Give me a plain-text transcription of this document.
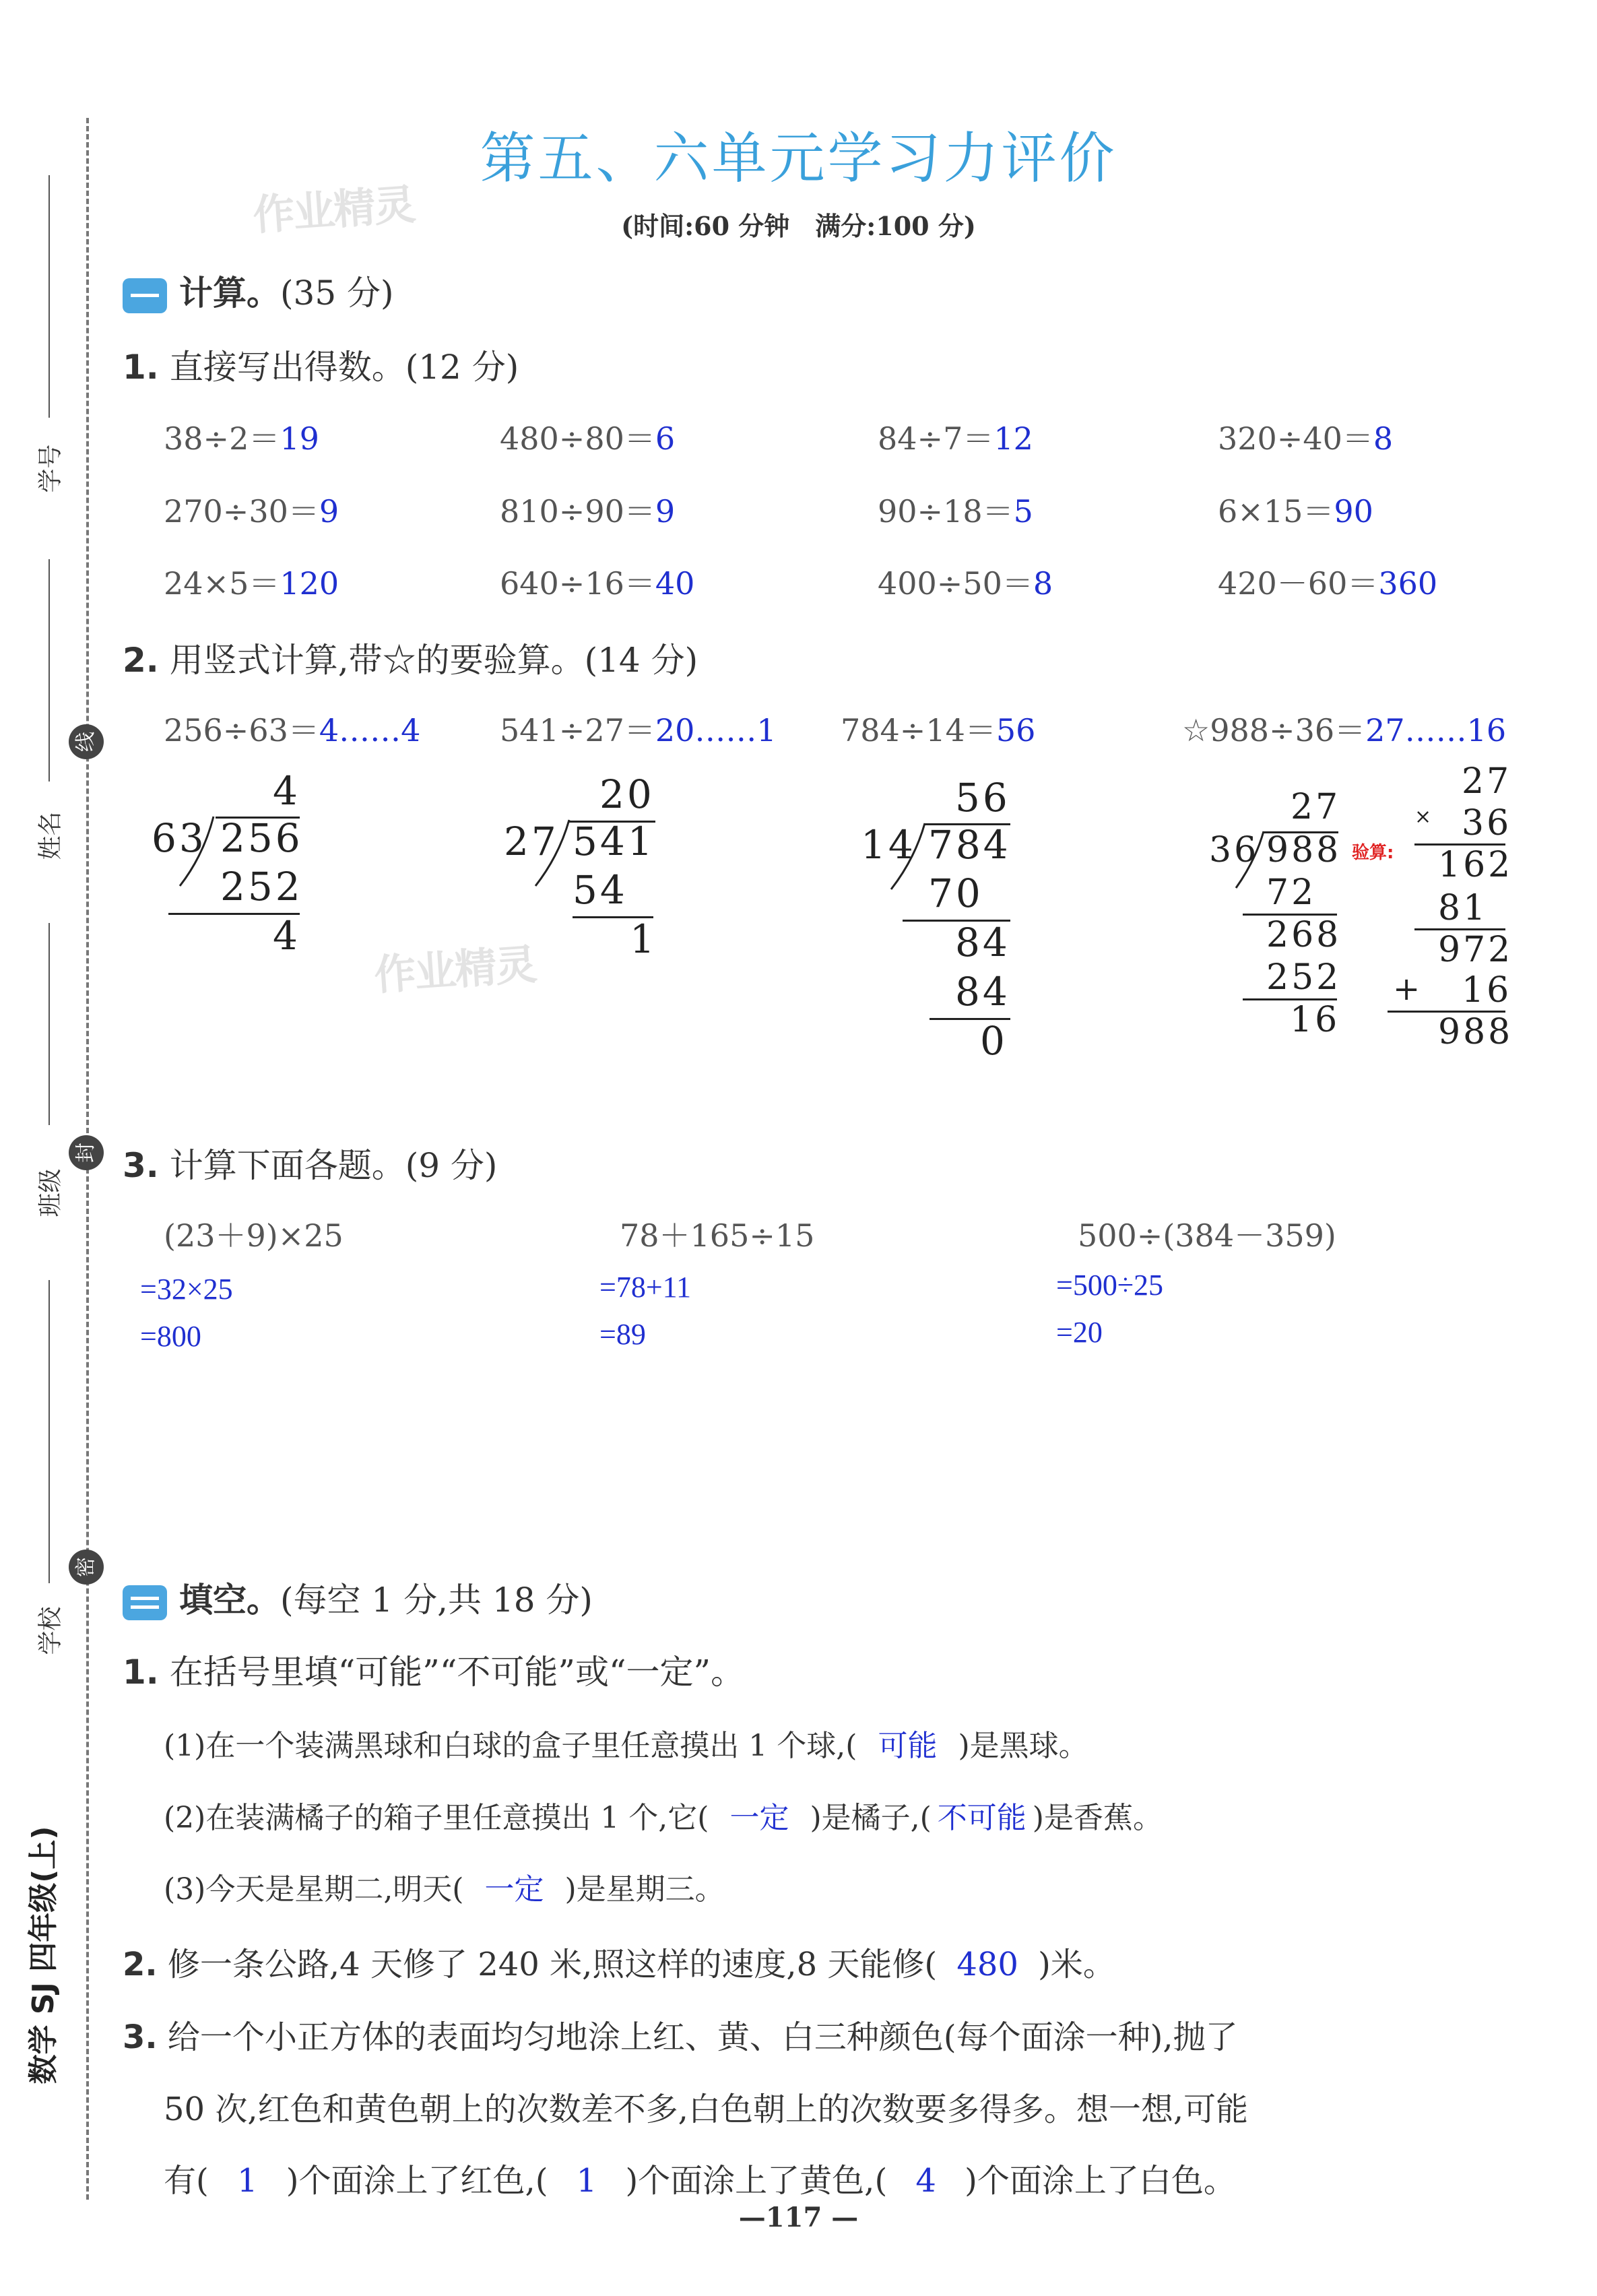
作业精灵
作业精灵
学号
姓名
班级
学校
线
封
密
数学 SJ 四年级(上)
第五、六单元学习力评价
(时间:60 分钟　满分:100 分)
计算。(35 分)
1. 直接写出得数。(12 分)
38÷2＝19	480÷80＝6	84÷7＝12	320÷40＝8
270÷30＝9	810÷90＝9	90÷18＝5	6×15＝90
24×5＝120	640÷16＝40	400÷50＝8	420－60＝360
2. 用竖式计算,带☆的要验算。(14 分)
256÷63＝4……4	541÷27＝20……1 784÷14＝56	☆988÷36＝27……16
4
63 256
252
4
20
27 541
54
1
56
14 784
70
84
84
0
27
36 988
72
268
252
16
验算:
27
× 36
162
81
972
+ 16
988
3. 计算下面各题。(9 分)
(23＋9)×25	78＋165÷15	500÷(384－359)
=32×25
=800
=78+11
=89
=500÷25
=20
填空。(每空 1 分,共 18 分)
1. 在括号里填“可能”“不可能”或“一定”。
(1)在一个装满黑球和白球的盒子里任意摸出 1 个球,( 可能 )是黑球。
(2)在装满橘子的箱子里任意摸出 1 个,它( 一定 )是橘子,( 不可能 )是香蕉。
(3)今天是星期二,明天( 一定 )是星期三。
2. 修一条公路,4 天修了 240 米,照这样的速度,8 天能修( 480 )米。
3. 给一个小正方体的表面均匀地涂上红、黄、白三种颜色(每个面涂一种),抛了
50 次,红色和黄色朝上的次数差不多,白色朝上的次数要多得多。想一想,可能
有( 1 )个面涂上了红色,( 1 )个面涂上了黄色,( 4 )个面涂上了白色。
—117 —
